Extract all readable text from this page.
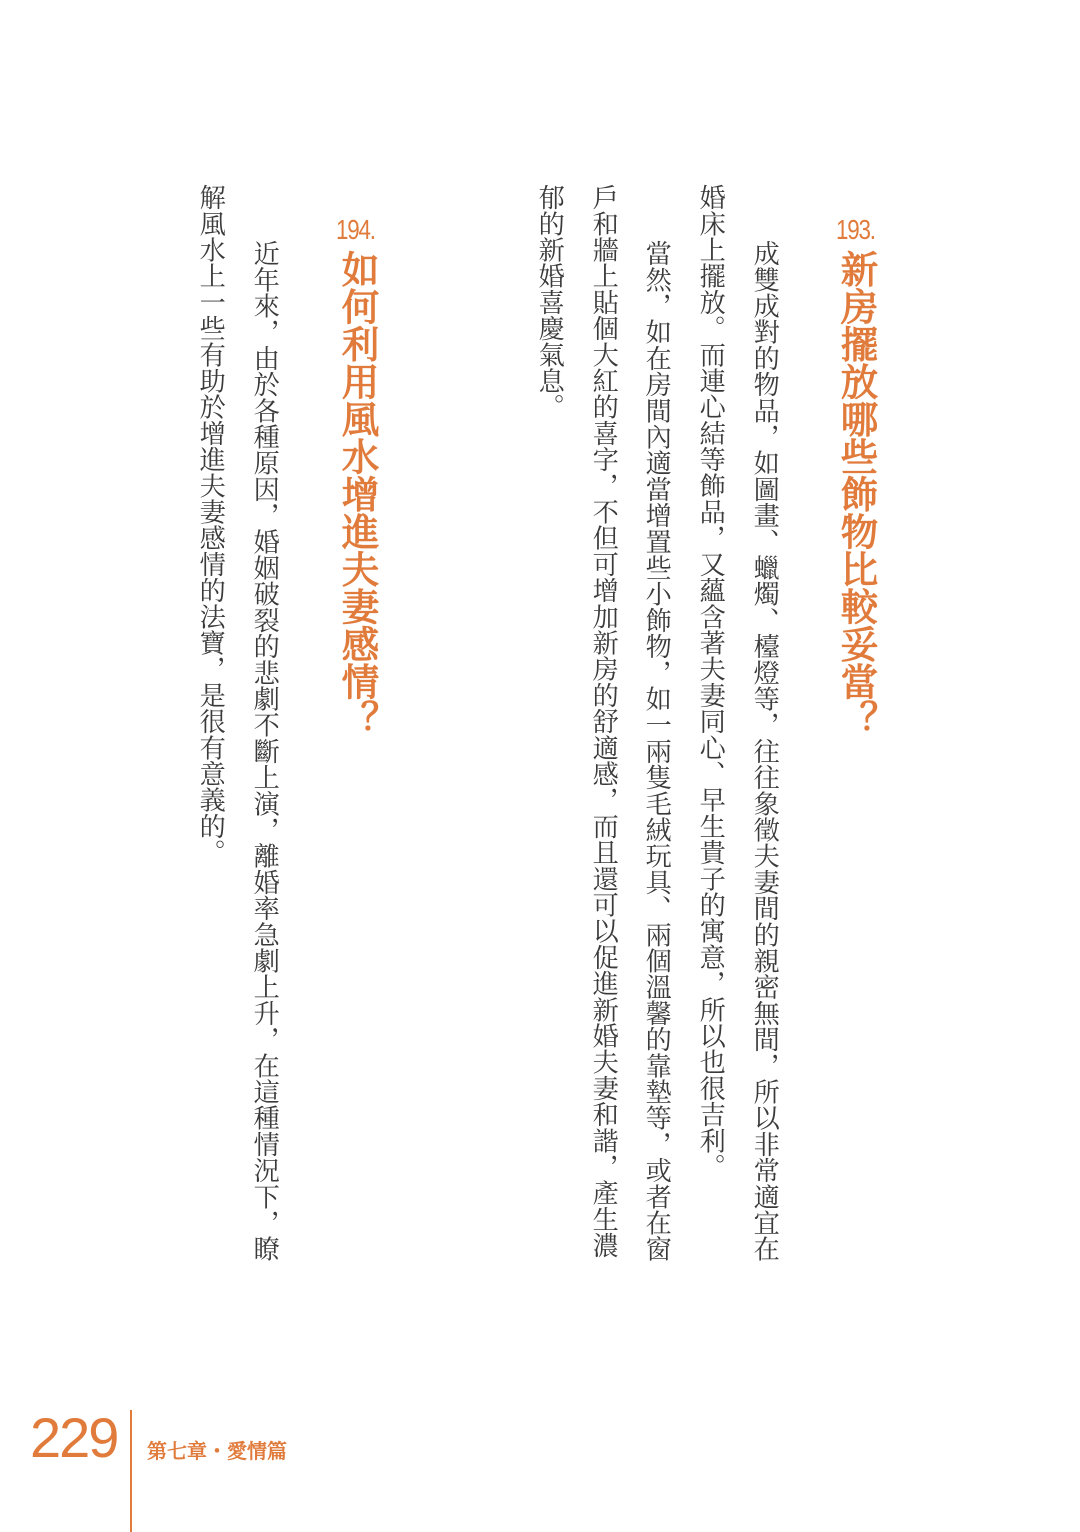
193.
新房擺放哪些飾物比較妥當？
成雙成對的物品，如圖畫、蠟燭、檯燈等，往往象徵夫妻間的親密無間，所以非常適宜在
婚床上擺放。而連心結等飾品，又蘊含著夫妻同心、早生貴子的寓意，所以也很吉利。
當然，如在房間內適當增置些小飾物，如一兩隻毛絨玩具、兩個溫馨的靠墊等，或者在窗
戶和牆上貼個大紅的喜字，不但可增加新房的舒適感，而且還可以促進新婚夫妻和諧，產生濃
郁的新婚喜慶氣息。
194.
如何利用風水增進夫妻感情？
近年來，由於各種原因，婚姻破裂的悲劇不斷上演，離婚率急劇上升，在這種情況下，瞭
解風水上一些有助於增進夫妻感情的法寶，是很有意義的。
229 第七章・愛情篇
